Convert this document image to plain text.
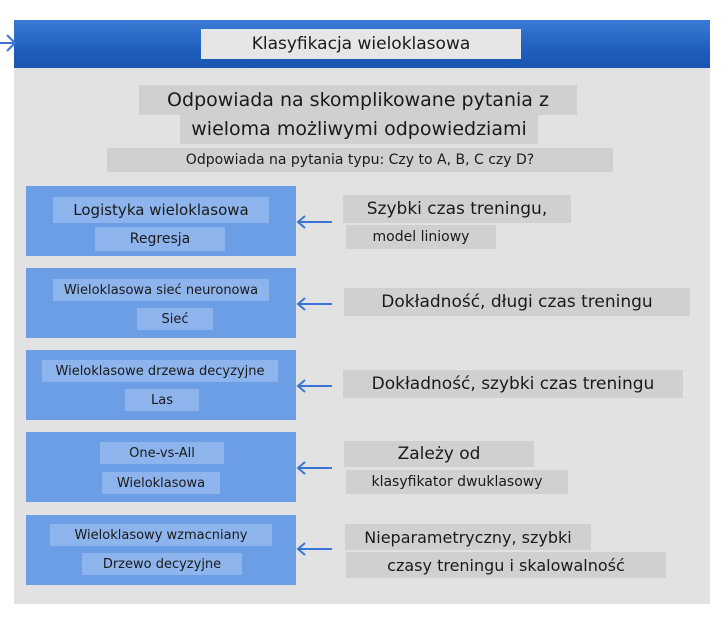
Klasyfikacja wieloklasowa
Odpowiada na skomplikowane pytania z
wieloma możliwymi odpowiedziami
Odpowiada na pytania typu: Czy to A, B, C czy D?
Logistyka wieloklasowa
Regresja
Szybki czas treningu,
model liniowy
Wieloklasowa sieć neuronowa
Sieć
Dokładność, długi czas treningu
Wieloklasowe drzewa decyzyjne
Las
Dokładność, szybki czas treningu
One-vs-All
Wieloklasowa
Zależy od
klasyfikator dwuklasowy
Wieloklasowy wzmacniany
Drzewo decyzyjne
Nieparametryczny, szybki
czasy treningu i skalowalność
